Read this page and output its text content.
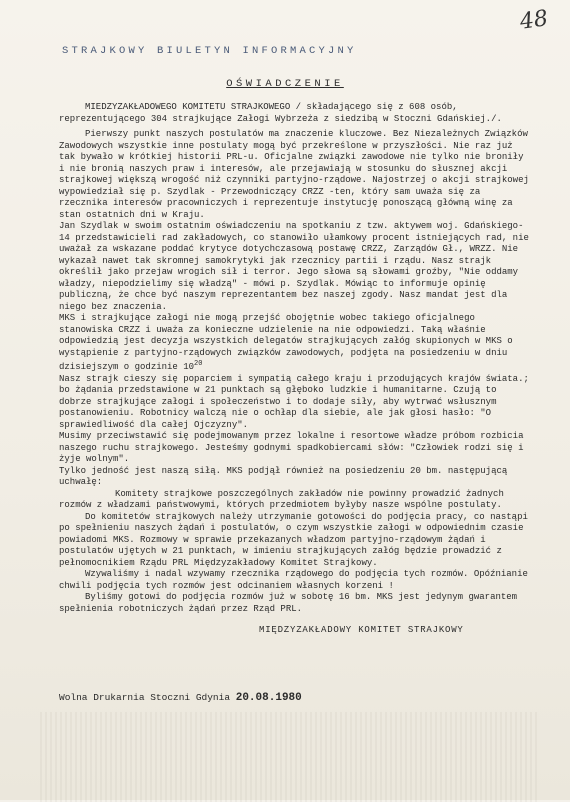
48
STRAJKOWY BIULETYN INFORMACYJNY
OŚWIADCZENIE

MIEDZYZAKŁADOWEGO KOMITETU STRAJKOWEGO / składającego się z 608 osób, reprezentującego 304 strajkujące Załogi Wybrzeża z siedzibą w Stoczni Gdańskiej./.

Pierwszy punkt naszych postulatów ma znaczenie kluczowe. Bez Niezależnych Związków Zawodowych wszystkie inne postulaty mogą być przekreślone w przyszłości. Nie raz już tak bywało w krótkiej historii PRL-u. Oficjalne związki zawodowe nie tylko nie broniły i nie bronią naszych praw i interesów, ale przejawiają w stosunku do słusznej akcji strajkowej większą wrogość niż czynniki partyjno-rządowe. Najostrzej o akcji strajkowej wypowiedział się p. Szydlak - Przewodniczący CRZZ -ten, który sam uważa się za rzecznika interesów pracowniczych i reprezentuje instytucję ponoszącą główną winę za stan ostatnich dni w Kraju.

Jan Szydlak w swoim ostatnim oświadczeniu na spotkaniu z tzw. aktywem woj. Gdańskiego- 14 przedstawicieli rad zakładowych, co stanowiło ułamkowy procent istniejących rad, nie uważał za wskazane poddać krytyce dotychczasową postawę CRZZ, Zarządów Gł., WRZZ. Nie wykazał nawet tak skromnej samokrytyki jak rzecznicy partii i rządu. Nasz strajk określił jako przejaw wrogich sił i terror. Jego słowa są słowami groźby, "Nie oddamy władzy, niepodzielimy się władzą" - mówi p. Szydlak. Mówiąc to informuje opinię publiczną, że chce być naszym reprezentantem bez naszej zgody. Nasz mandat jest dla niego bez znaczenia.

MKS i strajkujące załogi nie mogą przejść obojętnie wobec takiego oficjalnego stanowiska CRZZ i uważa za konieczne udzielenie na nie odpowiedzi. Taką właśnie odpowiedzią jest decyzja wszystkich delegatów strajkujących załóg skupionych w MKS o wystąpienie z partyjno-rządowych związków zawodowych, podjęta na posiedzeniu w dniu dzisiejszym o godzinie $10^{20}$

Nasz strajk cieszy się poparciem i sympatią całego kraju i przodujących krajów świata.; bo żądania przedstawione w 21 punktach są głęboko ludzkie i humanitarne. Czują to dobrze strajkujące załogi i społeczeństwo i to dodaje siły, aby wytrwać wsłusznym postanowieniu. Robotnicy walczą nie o ochłap dla siebie, ale jak głosi hasło: "O sprawiedliwość dla całej Ojczyzny".

Musimy przeciwstawić się podejmowanym przez lokalne i resortowe władze próbom rozbicia naszego ruchu strajkowego. Jesteśmy godnymi spadkobiercami słów: "Człowiek rodzi się i żyje wolnym".

Tylko jedność jest naszą siłą. MKS podjął również na posiedzeniu 20 bm. następującą uchwałę:

Komitety strajkowe poszczególnych zakładów nie powinny prowadzić żadnych rozmów z władzami państwowymi, których przedmiotem byłyby nasze wspólne postulaty.

Do komitetów strajkowych należy utrzymanie gotowości do podjęcia pracy, co nastąpi po spełnieniu naszych żądań i postulatów, o czym wszystkie załogi w odpowiednim czasie powiadomi MKS. Rozmowy w sprawie przekazanych władzom partyjno-rządowym żądań i postulatów ujętych w 21 punktach, w imieniu strajkujących załóg będzie prowadzić z pełnomocnikiem Rządu PRL Międzyzakładowy Komitet Strajkowy.

Wzywaliśmy i nadal wzywamy rzecznika rządowego do podjęcia tych rozmów. Opóźnianie chwili podjęcia tych rozmów jest odcinaniem własnych korzeni !

Byliśmy gotowi do podjęcia rozmów już w sobotę 16 bm. MKS jest jedynym gwarantem spełnienia robotniczych żądań przez Rząd PRL.

MIĘDZYZAKŁADOWY KOMITET STRAJKOWY

Wolna Drukarnia Stoczni Gdynia 20.08.1980
